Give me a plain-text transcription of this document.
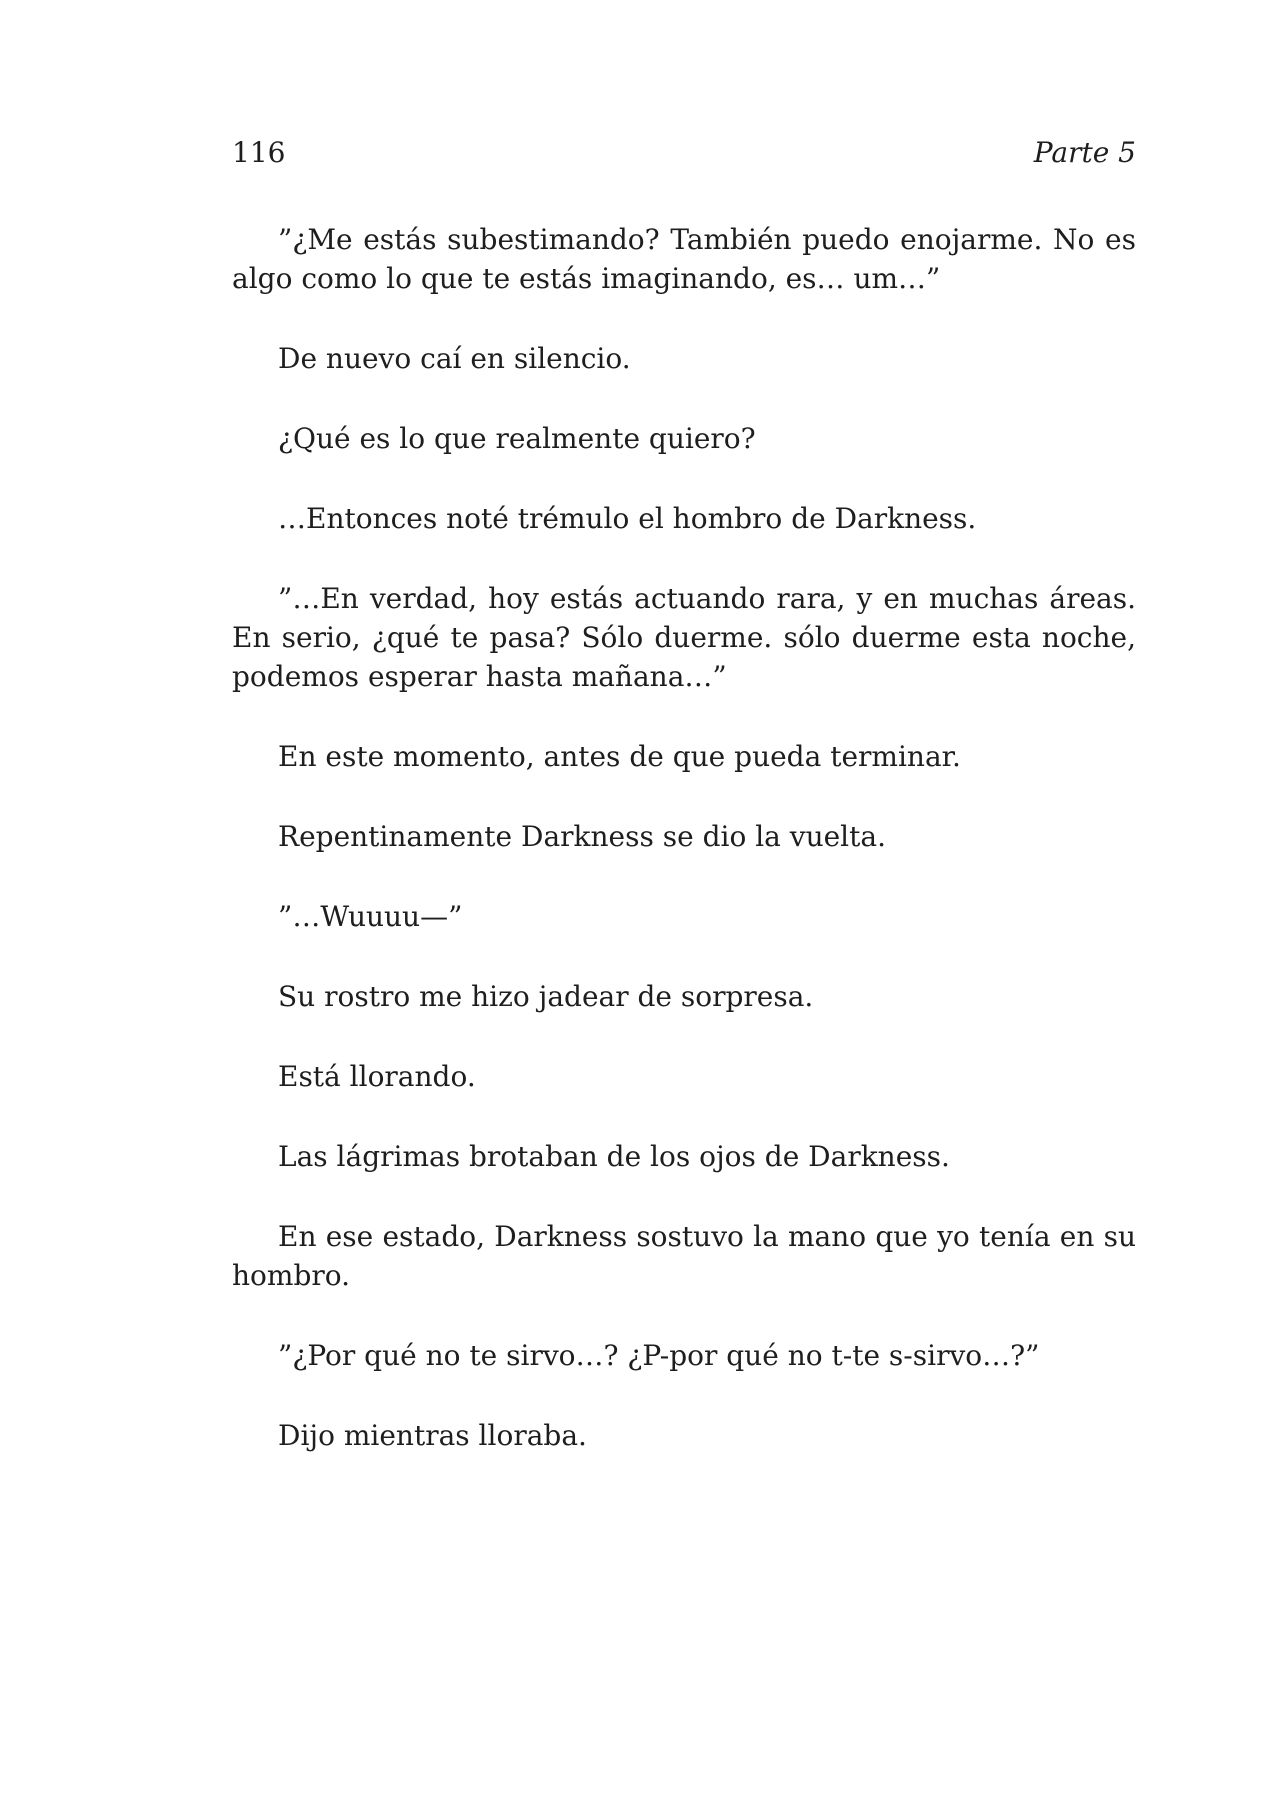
116	Parte 5

”¿Me estás subestimando? También puedo enojarme. No es algo como lo que te estás imaginando, es… um…”

De nuevo caí en silencio.

¿Qué es lo que realmente quiero?

…Entonces noté trémulo el hombro de Darkness.

”…En verdad, hoy estás actuando rara, y en muchas áreas. En serio, ¿qué te pasa? Sólo duerme. sólo duerme esta noche, podemos esperar hasta mañana…”

En este momento, antes de que pueda terminar.

Repentinamente Darkness se dio la vuelta.

”…Wuuuu—”

Su rostro me hizo jadear de sorpresa.

Está llorando.

Las lágrimas brotaban de los ojos de Darkness.

En ese estado, Darkness sostuvo la mano que yo tenía en su hombro.

”¿Por qué no te sirvo…? ¿P-por qué no t-te s-sirvo…?”

Dijo mientras lloraba.
